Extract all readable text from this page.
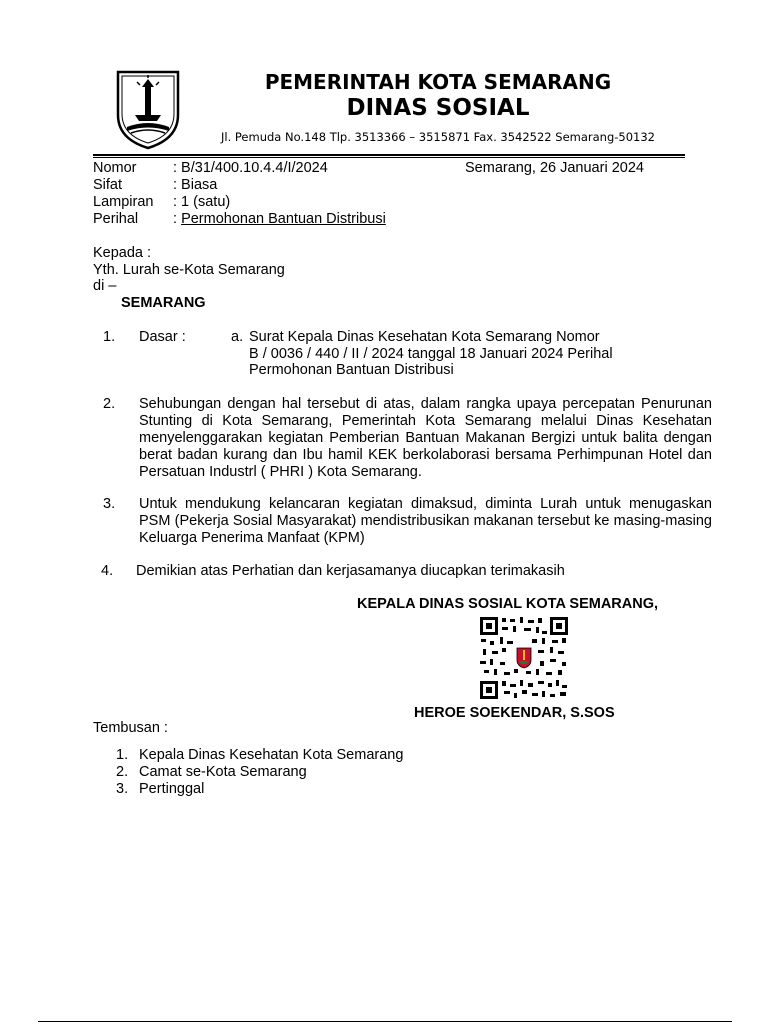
PEMERINTAH KOTA SEMARANG
DINAS SOSIAL
Jl. Pemuda No.148 Tlp. 3513366 – 3515871 Fax. 3542522 Semarang-50132
Nomor	: B/31/400.10.4.4/I/2024	Semarang, 26 Januari 2024
Sifat	: Biasa
Lampiran : 1 (satu)
Perihal : Permohonan Bantuan Distribusi
Kepada :
Yth. Lurah se-Kota Semarang
di –
SEMARANG
1. Dasar :	a. Surat Kepala Dinas Kesehatan Kota Semarang Nomor
B / 0036 / 440 / II / 2024 tanggal 18 Januari 2024 Perihal
Permohonan Bantuan Distribusi
2. Sehubungan dengan hal tersebut di atas, dalam rangka upaya percepatan Penurunan Stunting di Kota Semarang, Pemerintah Kota Semarang melalui Dinas Kesehatan menyelenggarakan kegiatan Pemberian Bantuan Makanan Bergizi untuk balita dengan berat badan kurang dan Ibu hamil KEK berkolaborasi bersama Perhimpunan Hotel dan Persatuan Industrl ( PHRI ) Kota Semarang.
3. Untuk mendukung kelancaran kegiatan dimaksud, diminta Lurah untuk menugaskan PSM (Pekerja Sosial Masyarakat) mendistribusikan makanan tersebut ke masing-masing Keluarga Penerima Manfaat (KPM)
4. Demikian atas Perhatian dan kerjasamanya diucapkan terimakasih
KEPALA DINAS SOSIAL KOTA SEMARANG,
HEROE SOEKENDAR, S.SOS
Tembusan :
1. Kepala Dinas Kesehatan Kota Semarang
2. Camat se-Kota Semarang
3. Pertinggal
